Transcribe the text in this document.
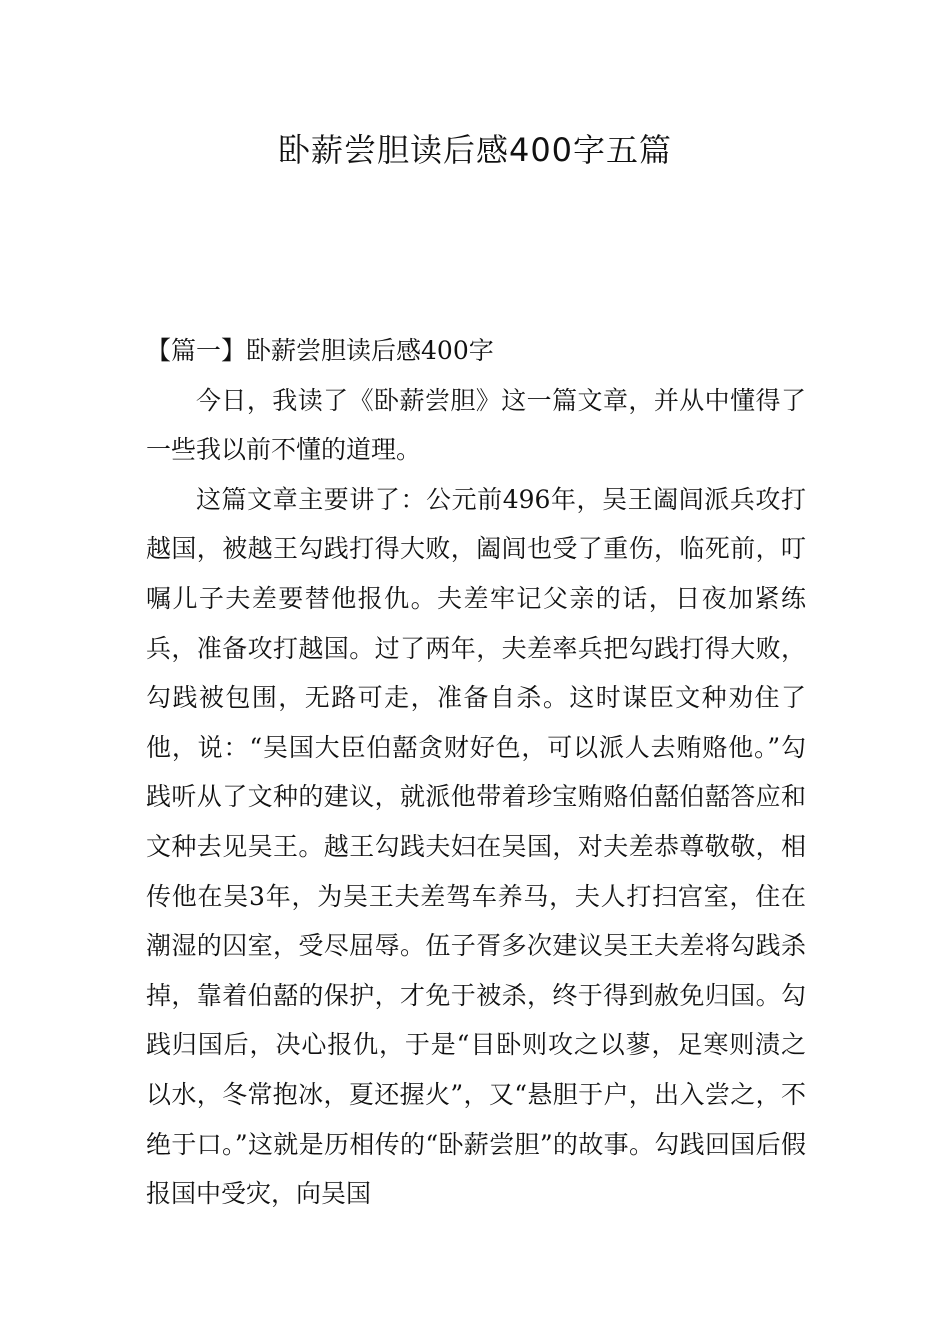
卧薪尝胆读后感400字五篇
【篇一】卧薪尝胆读后感400字

今日，我读了《卧薪尝胆》这一篇文章，并从中懂得了一些我以前不懂的道理。

这篇文章主要讲了：公元前496年，吴王阖闾派兵攻打越国，被越王勾践打得大败，阖闾也受了重伤，临死前，叮嘱儿子夫差要替他报仇。夫差牢记父亲的话，日夜加紧练兵，准备攻打越国。过了两年，夫差率兵把勾践打得大败，勾践被包围，无路可走，准备自杀。这时谋臣文种劝住了他，说：“吴国大臣伯嚭贪财好色，可以派人去贿赂他。”勾践听从了文种的建议，就派他带着珍宝贿赂伯嚭伯嚭答应和文种去见吴王。越王勾践夫妇在吴国，对夫差恭尊敬敬，相传他在吴3年，为吴王夫差驾车养马，夫人打扫宫室，住在潮湿的囚室，受尽屈辱。伍子胥多次建议吴王夫差将勾践杀掉，靠着伯嚭的保护，才免于被杀，终于得到赦免归国。勾践归国后，决心报仇，于是“目卧则攻之以蓼，足寒则渍之以水，冬常抱冰，夏还握火”，又“悬胆于户，出入尝之，不绝于口。”这就是历相传的“卧薪尝胆”的故事。勾践回国后假报国中受灾，向吴国
